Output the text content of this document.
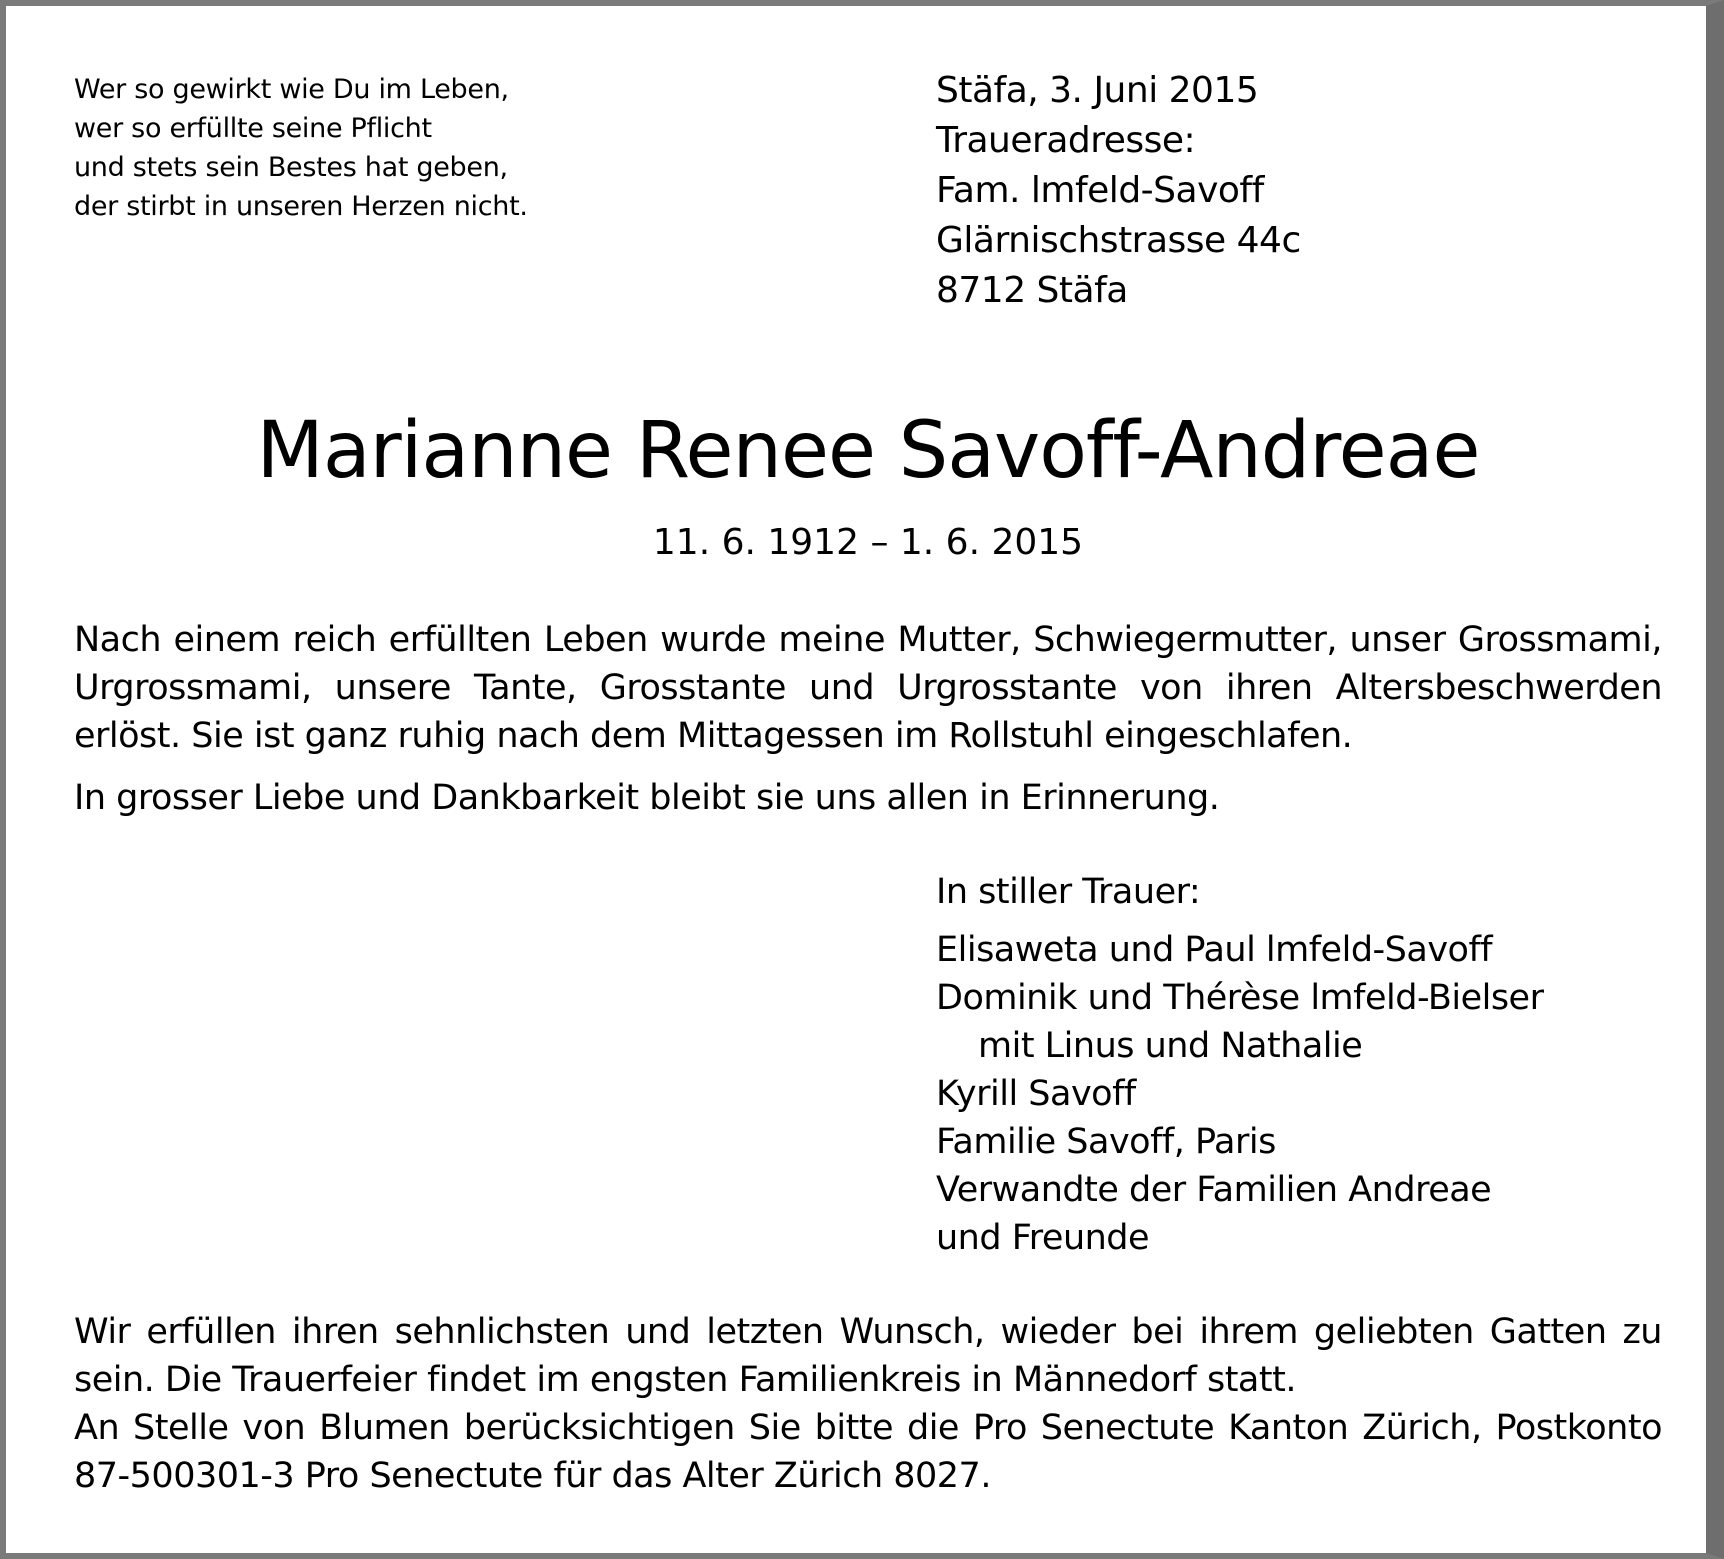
Wer so gewirkt wie Du im Leben,
wer so erfüllte seine Pflicht
und stets sein Bestes hat geben,
der stirbt in unseren Herzen nicht.
Stäfa, 3. Juni 2015
Traueradresse:
Fam. lmfeld-Savoff
Glärnischstrasse 44c
8712 Stäfa
Marianne Renee Savoff-Andreae
11. 6. 1912 – 1. 6. 2015
Nach einem reich erfüllten Leben wurde meine Mutter, Schwiegermutter, unser Grossmami, Urgrossmami, unsere Tante, Grosstante und Urgrosstante von ihren Altersbeschwerden erlöst. Sie ist ganz ruhig nach dem Mittagessen im Rollstuhl eingeschlafen.
In grosser Liebe und Dankbarkeit bleibt sie uns allen in Erinnerung.
In stiller Trauer:
Elisaweta und Paul lmfeld-Savoff
Dominik und Thérèse lmfeld-Bielser
mit Linus und Nathalie
Kyrill Savoff
Familie Savoff, Paris
Verwandte der Familien Andreae
und Freunde
Wir erfüllen ihren sehnlichsten und letzten Wunsch, wieder bei ihrem geliebten Gatten zu sein. Die Trauerfeier findet im engsten Familienkreis in Männedorf statt.
An Stelle von Blumen berücksichtigen Sie bitte die Pro Senectute Kanton Zürich, Postkonto 87-500301-3 Pro Senectute für das Alter Zürich 8027.
